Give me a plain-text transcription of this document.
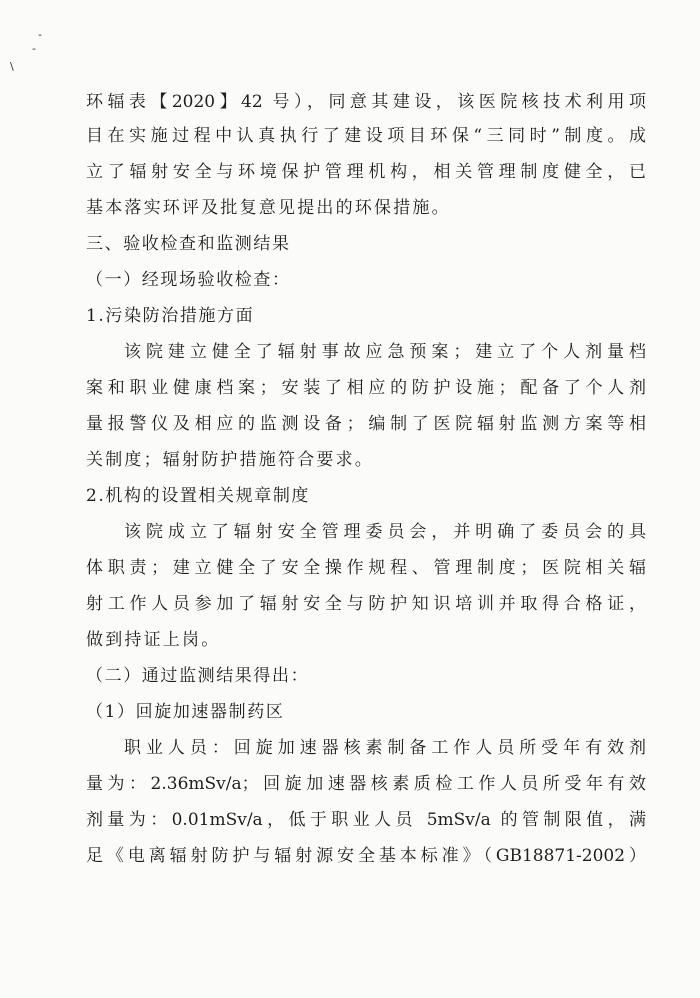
-
-
\
环辐表【2020】42 号），同意其建设，该医院核技术利用项
目在实施过程中认真执行了建设项目环保“三同时”制度。成
立了辐射安全与环境保护管理机构，相关管理制度健全，已
基本落实环评及批复意见提出的环保措施。
三、验收检查和监测结果
（一）经现场验收检查：
1.污染防治措施方面
该院建立健全了辐射事故应急预案；建立了个人剂量档
案和职业健康档案；安装了相应的防护设施；配备了个人剂
量报警仪及相应的监测设备；编制了医院辐射监测方案等相
关制度；辐射防护措施符合要求。
2.机构的设置相关规章制度
该院成立了辐射安全管理委员会，并明确了委员会的具
体职责；建立健全了安全操作规程、管理制度；医院相关辐
射工作人员参加了辐射安全与防护知识培训并取得合格证，
做到持证上岗。
（二）通过监测结果得出：
（1）回旋加速器制药区
职业人员：回旋加速器核素制备工作人员所受年有效剂
量为：2.36mSv/a；回旋加速器核素质检工作人员所受年有效
剂量为：0.01mSv/a，低于职业人员 5mSv/a 的管制限值，满
足《电离辐射防护与辐射源安全基本标准》（GB18871-2002）
